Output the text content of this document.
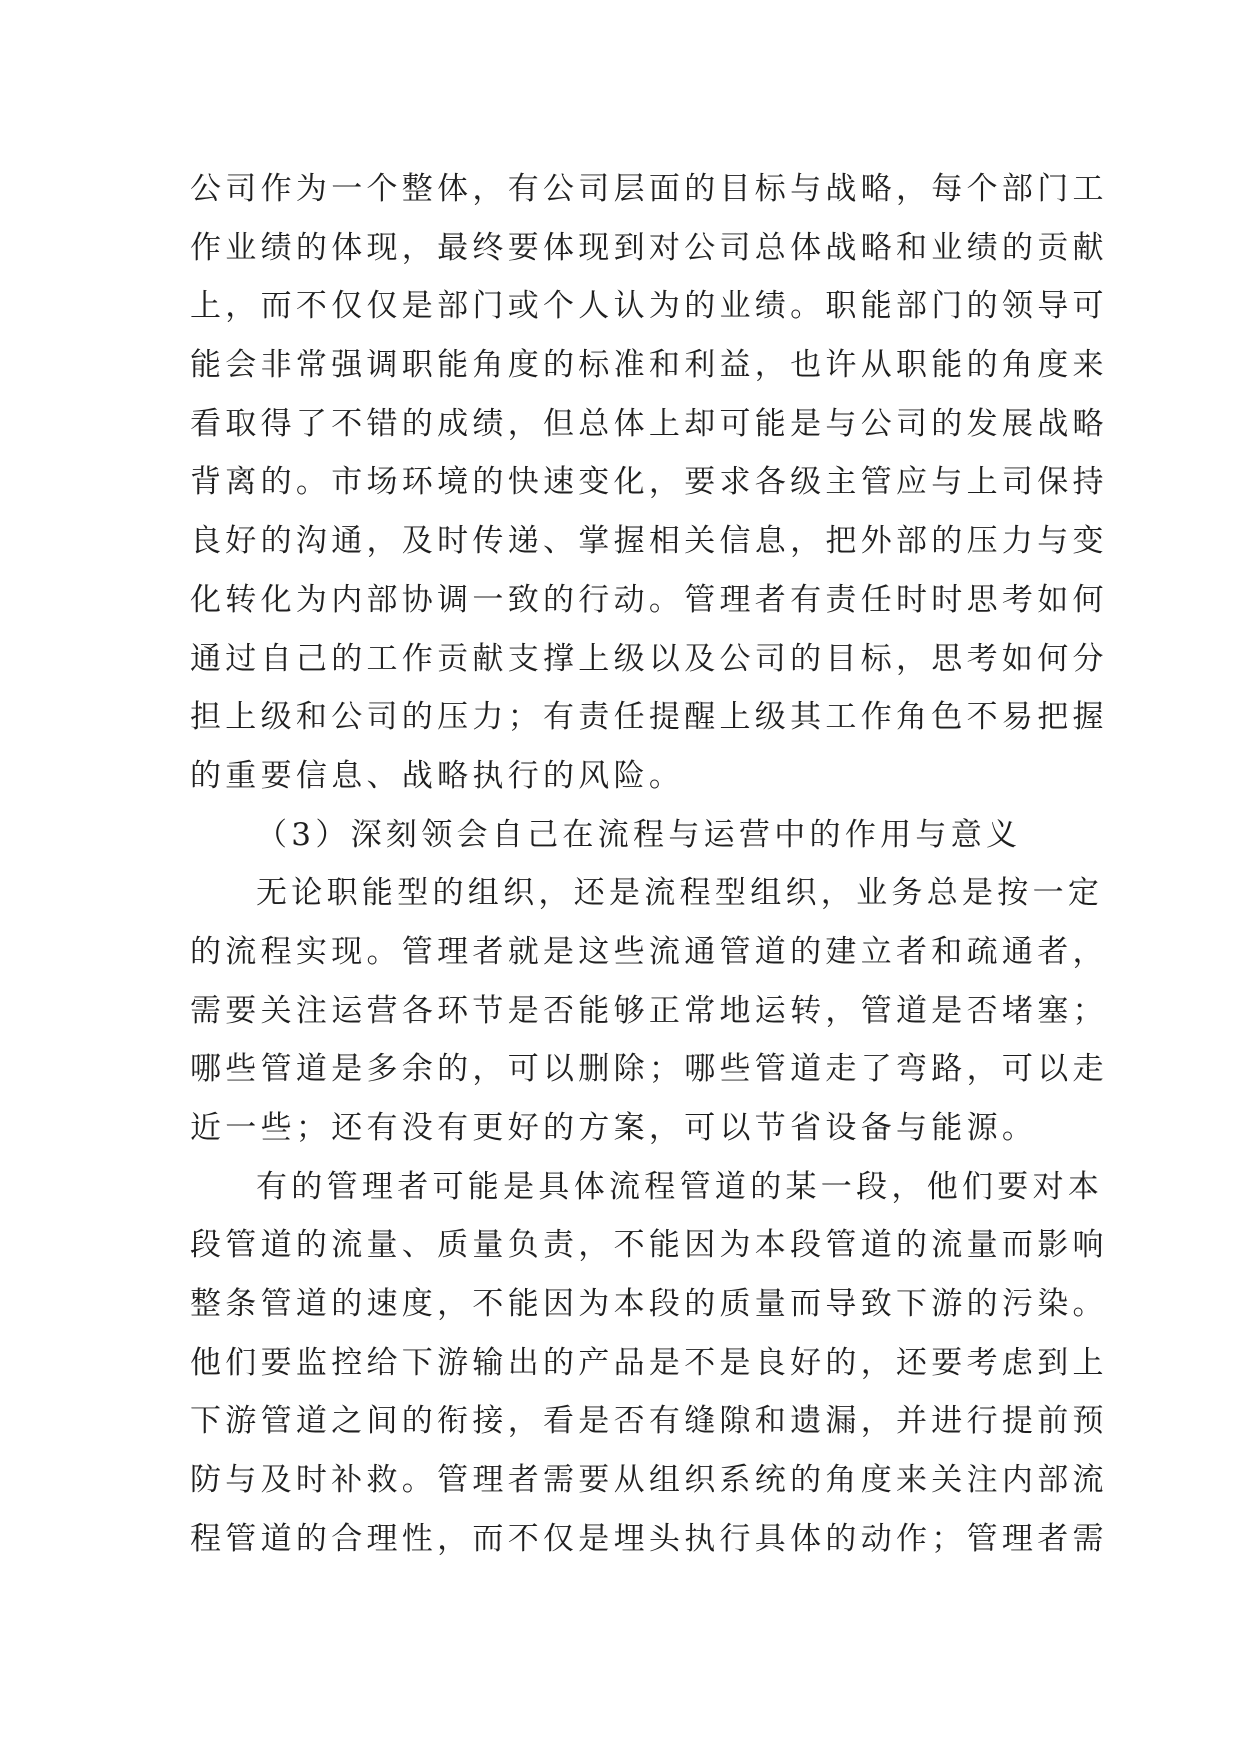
公司作为一个整体，有公司层面的目标与战略，每个部门工
作业绩的体现，最终要体现到对公司总体战略和业绩的贡献
上，而不仅仅是部门或个人认为的业绩。职能部门的领导可
能会非常强调职能角度的标准和利益，也许从职能的角度来
看取得了不错的成绩，但总体上却可能是与公司的发展战略
背离的。市场环境的快速变化，要求各级主管应与上司保持
良好的沟通，及时传递、掌握相关信息，把外部的压力与变
化转化为内部协调一致的行动。管理者有责任时时思考如何
通过自己的工作贡献支撑上级以及公司的目标，思考如何分
担上级和公司的压力；有责任提醒上级其工作角色不易把握
的重要信息、战略执行的风险。
（3）深刻领会自己在流程与运营中的作用与意义
无论职能型的组织，还是流程型组织，业务总是按一定
的流程实现。管理者就是这些流通管道的建立者和疏通者，
需要关注运营各环节是否能够正常地运转，管道是否堵塞；
哪些管道是多余的，可以删除；哪些管道走了弯路，可以走
近一些；还有没有更好的方案，可以节省设备与能源。
有的管理者可能是具体流程管道的某一段，他们要对本
段管道的流量、质量负责，不能因为本段管道的流量而影响
整条管道的速度，不能因为本段的质量而导致下游的污染。
他们要监控给下游输出的产品是不是良好的，还要考虑到上
下游管道之间的衔接，看是否有缝隙和遗漏，并进行提前预
防与及时补救。管理者需要从组织系统的角度来关注内部流
程管道的合理性，而不仅是埋头执行具体的动作；管理者需
